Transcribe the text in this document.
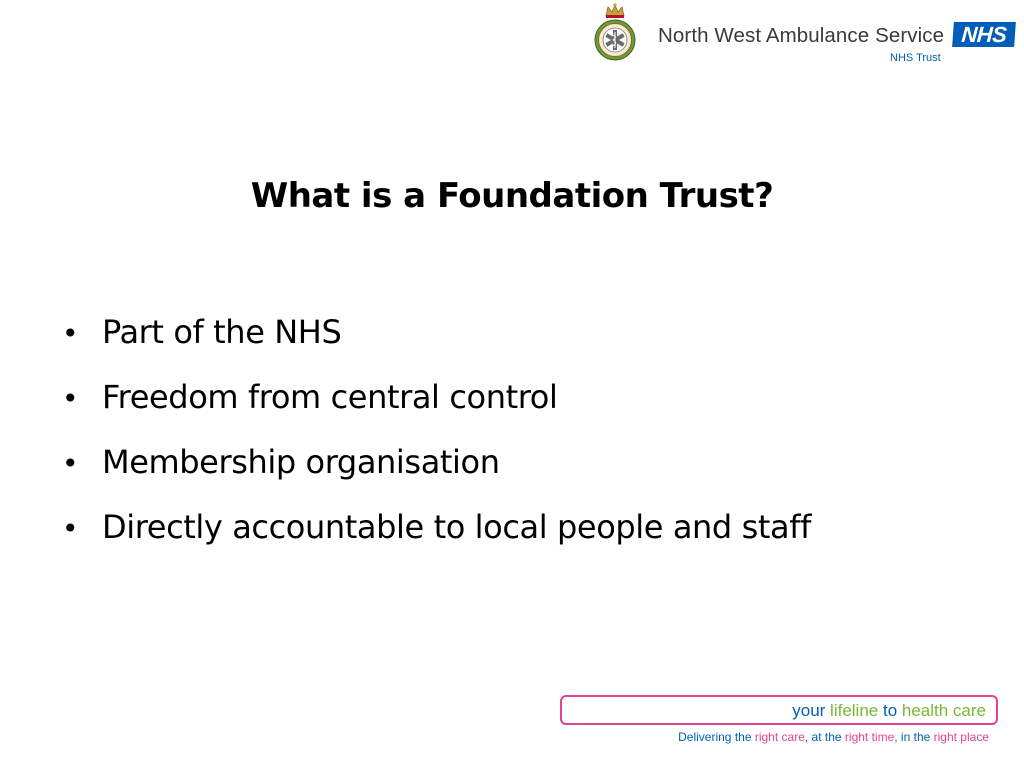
North West Ambulance Service NHS
NHS Trust
What is a Foundation Trust?
• Part of the NHS
• Freedom from central control
• Membership organisation
• Directly accountable to local people and staff
your lifeline to health care
Delivering the right care, at the right time, in the right place
